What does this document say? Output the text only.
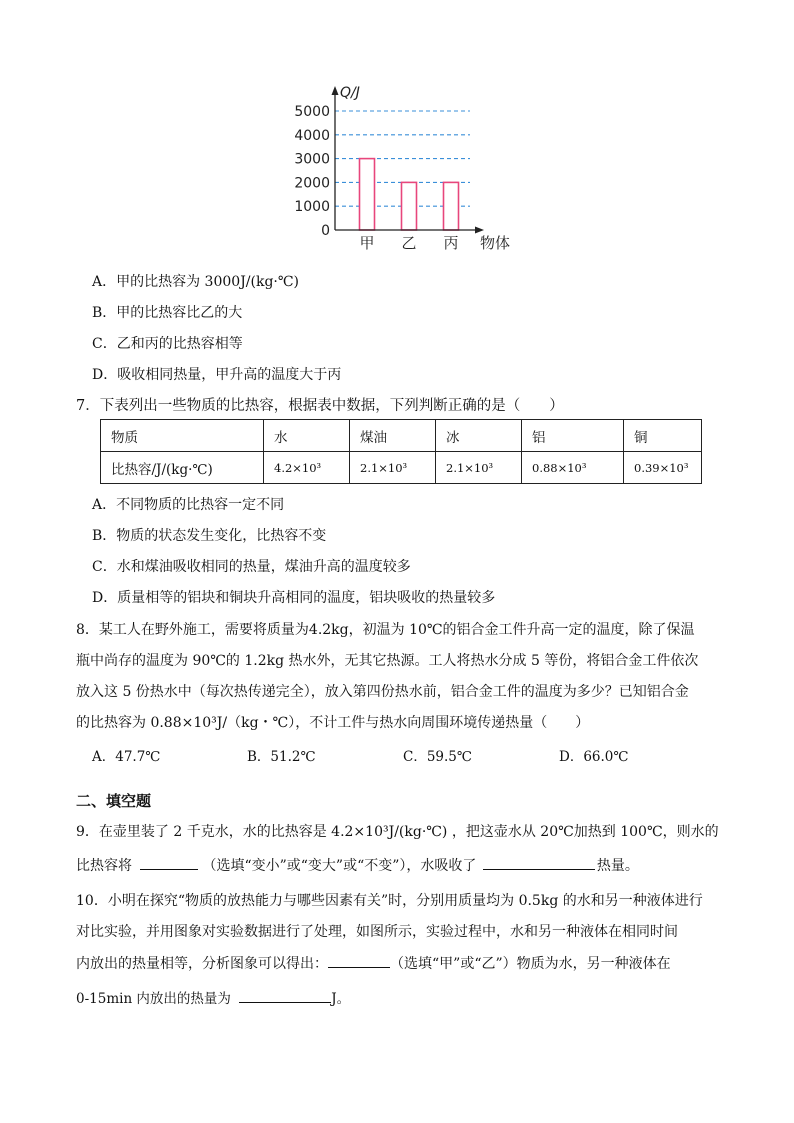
0
1000
2000
3000
4000
5000
甲 乙 丙
Q/J
物体
A．甲的比热容为 3000J/(kg·℃)
B．甲的比热容比乙的大
C．乙和丙的比热容相等
D．吸收相同热量，甲升高的温度大于丙
7．下表列出一些物质的比热容，根据表中数据，下列判断正确的是（　　）
物质	水	煤油	冰	铝	铜
比热容/J/(kg·℃)	4.2×10³	2.1×10³	2.1×10³	0.88×10³	0.39×10³
A．不同物质的比热容一定不同
B．物质的状态发生变化，比热容不变
C．水和煤油吸收相同的热量，煤油升高的温度较多
D．质量相等的铝块和铜块升高相同的温度，铝块吸收的热量较多
8．某工人在野外施工，需要将质量为4.2kg，初温为 10℃的铝合金工件升高一定的温度，除了保温
瓶中尚存的温度为 90℃的 1.2kg 热水外，无其它热源。工人将热水分成 5 等份，将铝合金工件依次
放入这 5 份热水中（每次热传递完全），放入第四份热水前，铝合金工件的温度为多少？已知铝合金
的比热容为 0.88×10³J/（kg・℃），不计工件与热水向周围环境传递热量（　　）
A．47.7℃	B．51.2℃	C．59.5℃	D．66.0℃
二、填空题
9．在壶里装了 2 千克水，水的比热容是 4.2×10³J/(kg·℃) ，把这壶水从 20℃加热到 100℃，则水的
比热容将	（选填“变小”或“变大”或“不变”），水吸收了	热量。
10．小明在探究“物质的放热能力与哪些因素有关”时，分别用质量均为 0.5kg 的水和另一种液体进行
对比实验，并用图象对实验数据进行了处理，如图所示，实验过程中，水和另一种液体在相同时间
内放出的热量相等，分析图象可以得出：	（选填“甲”或“乙”）物质为水，另一种液体在
0-15min 内放出的热量为	J。
